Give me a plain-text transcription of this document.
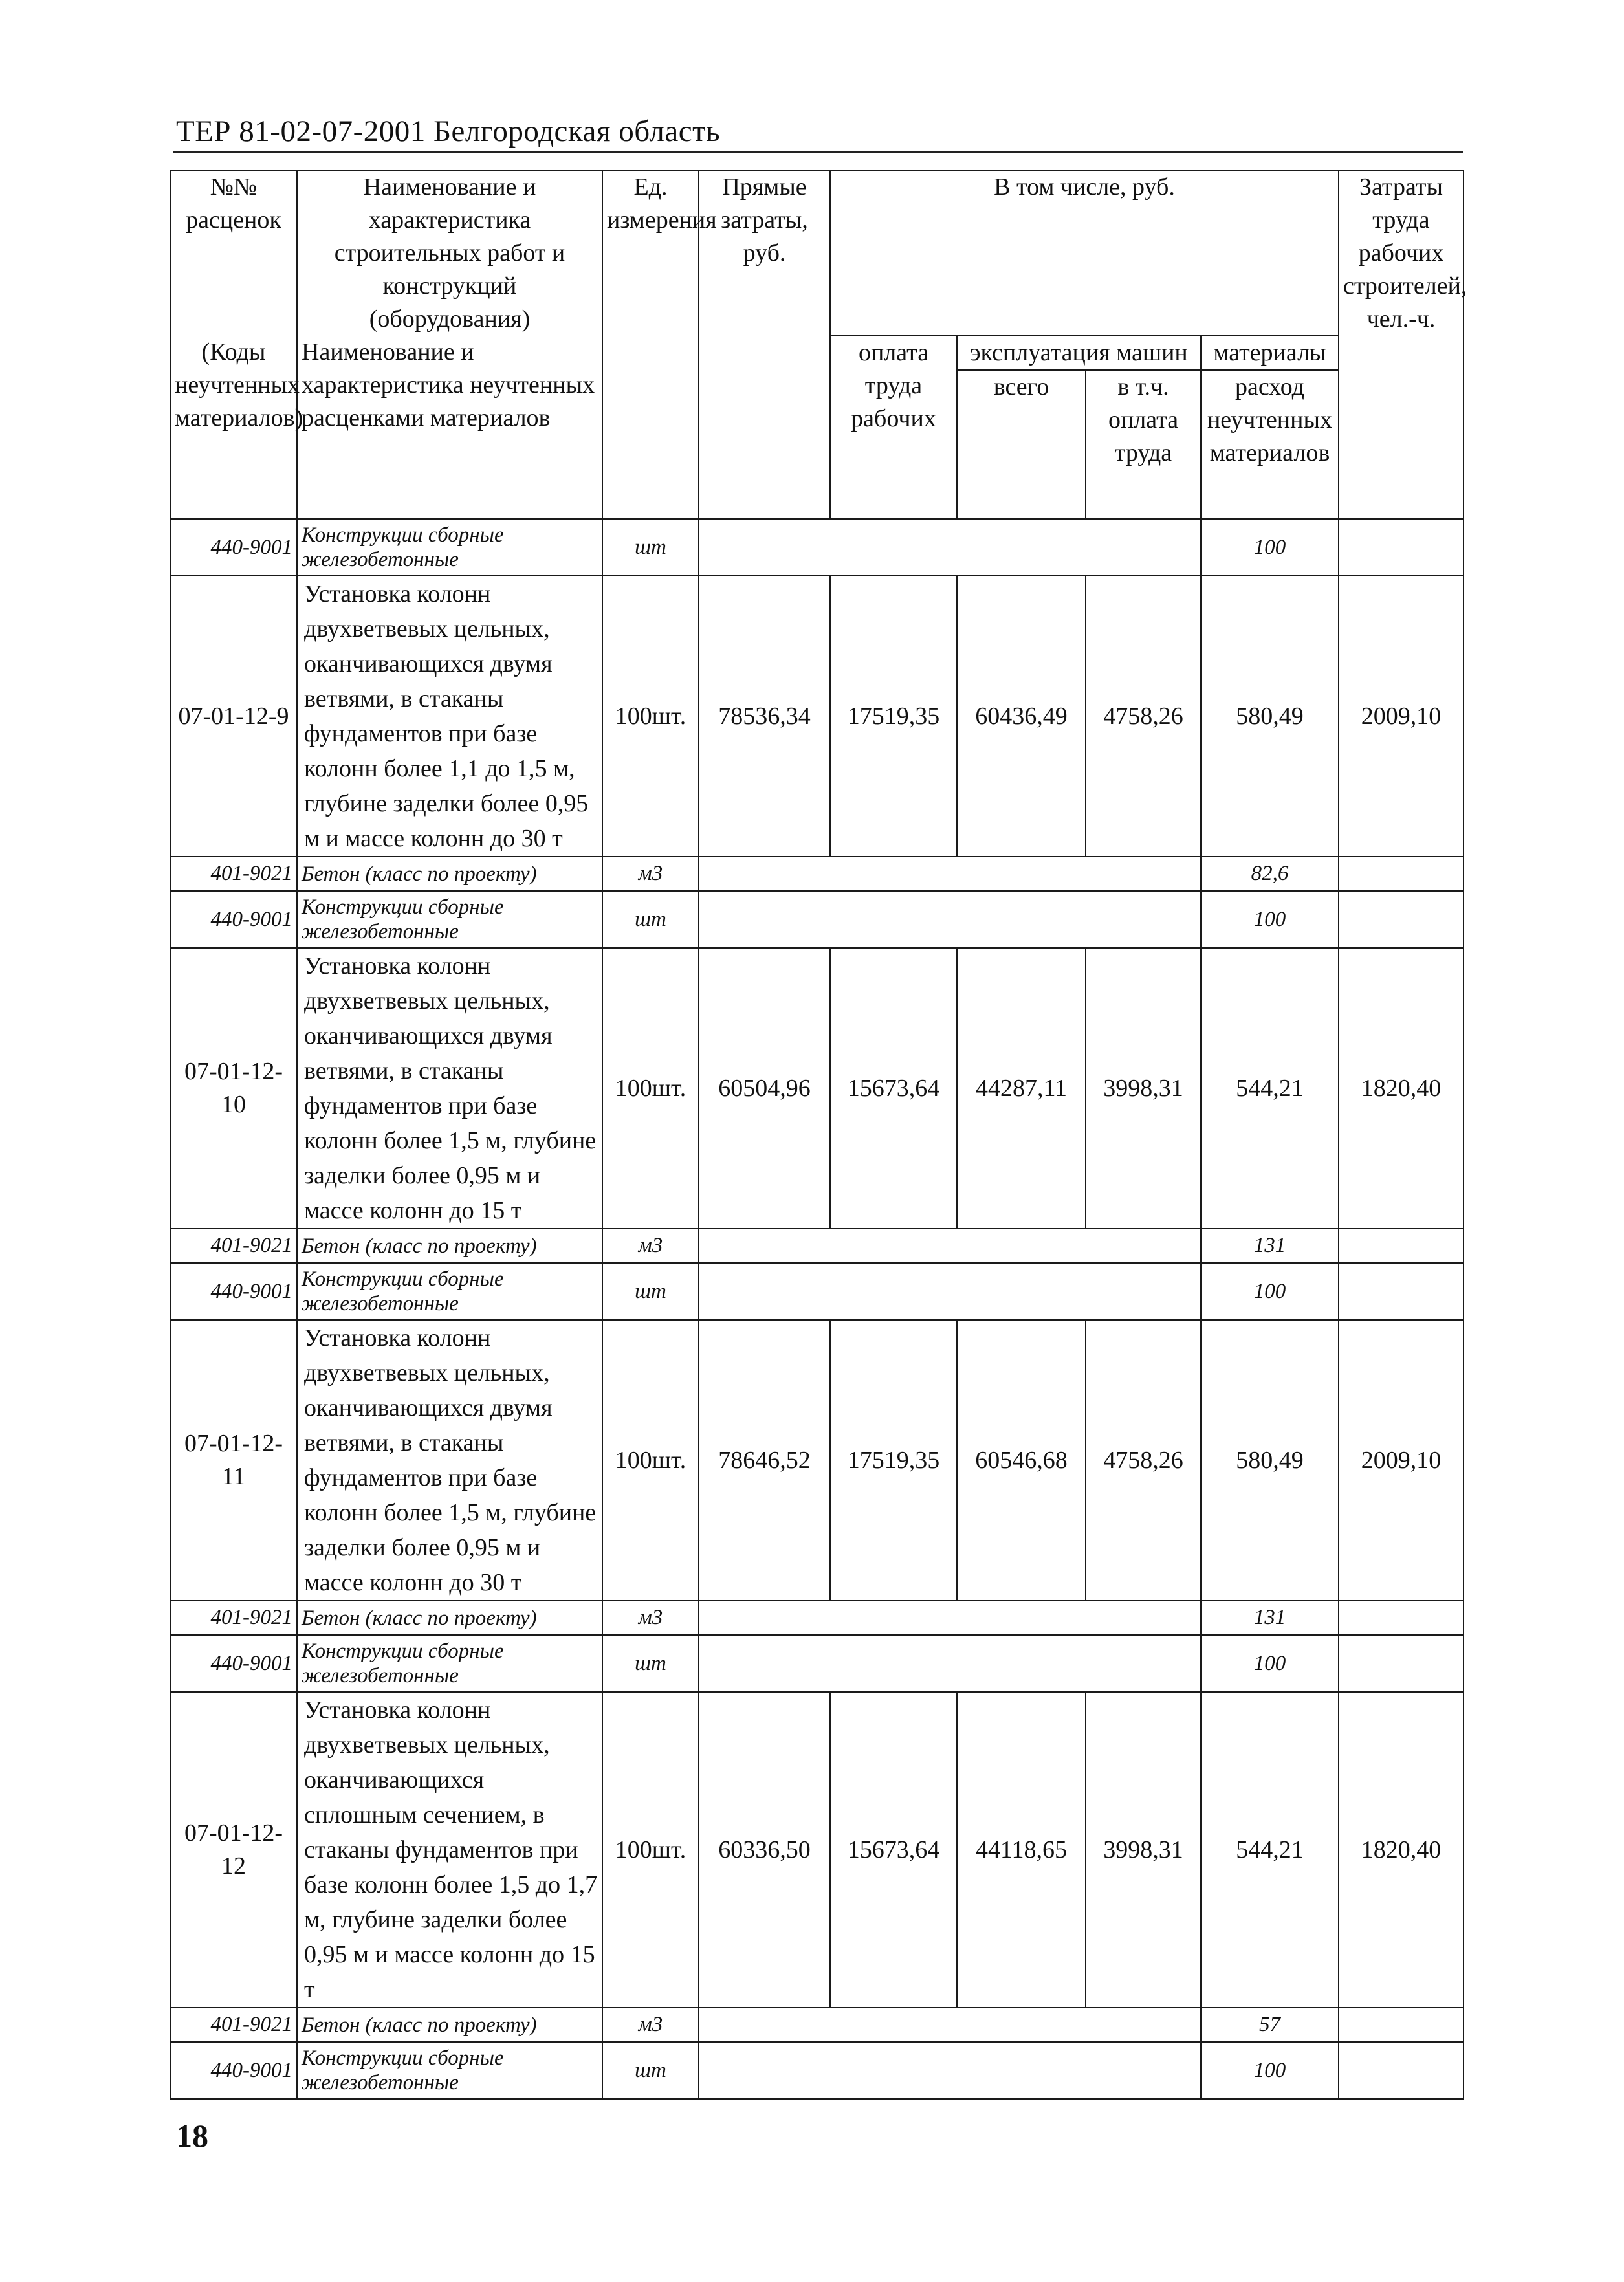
ТЕР 81-02-07-2001 Белгородская область
№№ расценок	Наименование и характеристика строительных работ и конструкций (оборудования)	Ед. измерения	Прямые затраты, руб.	В том числе, руб.				Затраты труда рабочих строителей, чел.-ч.
(Коды неучтенных материалов)	Наименование и характеристика неучтенных расценками материалов			оплата труда рабочих	эксплуатация машин		материалы	
					всего	в т.ч. оплата труда	расход неучтенных материалов	
440-9001	Конструкции сборные железобетонные	шт					100	
07-01-12-9	Установка колонн двухветвевых цельных, оканчивающихся двумя ветвями, в стаканы фундаментов при базе колонн более 1,1 до 1,5 м, глубине заделки более 0,95 м и массе колонн до 30 т	100шт.	78536,34	17519,35	60436,49	4758,26	580,49	2009,10
401-9021	Бетон (класс по проекту)	м3					82,6	
440-9001	Конструкции сборные железобетонные	шт					100	
07-01-12-10	Установка колонн двухветвевых цельных, оканчивающихся двумя ветвями, в стаканы фундаментов при базе колонн более 1,5 м, глубине заделки более 0,95 м и массе колонн до 15 т	100шт.	60504,96	15673,64	44287,11	3998,31	544,21	1820,40
401-9021	Бетон (класс по проекту)	м3					131	
440-9001	Конструкции сборные железобетонные	шт					100	
07-01-12-11	Установка колонн двухветвевых цельных, оканчивающихся двумя ветвями, в стаканы фундаментов при базе колонн более 1,5 м, глубине заделки более 0,95 м и массе колонн до 30 т	100шт.	78646,52	17519,35	60546,68	4758,26	580,49	2009,10
401-9021	Бетон (класс по проекту)	м3					131	
440-9001	Конструкции сборные железобетонные	шт					100	
07-01-12-12	Установка колонн двухветвевых цельных, оканчивающихся сплошным сечением, в стаканы фундаментов при базе колонн более 1,5 до 1,7 м, глубине заделки более 0,95 м и массе колонн до 15 т	100шт.	60336,50	15673,64	44118,65	3998,31	544,21	1820,40
401-9021	Бетон (класс по проекту)	м3					57	
440-9001	Конструкции сборные железобетонные	шт					100	
18
